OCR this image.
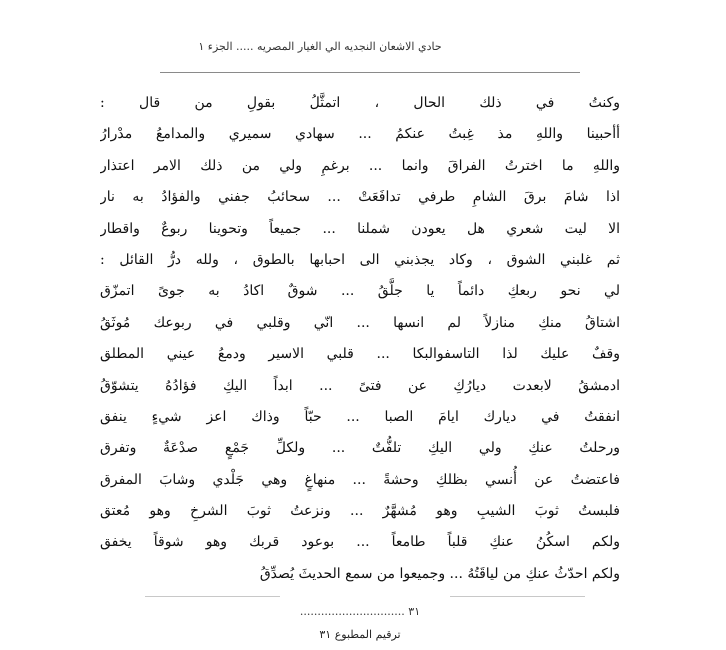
حادي الاشعان النجديه الي الغيار المصريه ..... الجزء ١
وكنتُ في ذلك الحال ، اتمثَّلُ بقولِ من قال :
أأحبينا واللهِ مذ غِبتُ عنكمُ ... سهادي سميري والمدامعُ مدْرارُ
واللهِ ما اخترتُ الفراقَ وانما ... برغمِ ولي من ذلك الامر اعتذار
اذا شامَ برقَ الشامِ طرفي تدافَعَتْ ... سحائبُ جفني والفؤادُ به نار
الا ليت شعري هل يعودن شملنا ... جميعاً وتحوينا ربوعٌ واقطار
ثم غلبني الشوق ، وكاد يجذبني الى احبابها بالطوق ، ولله درُّ القائل :
لي نحو ربعكِ دائماً يا جلَّقُ ... شوقٌ اكادُ به جوىً اتمزّق
اشتاقُ منكِ منازلاً لم انسها ... انّي وقلبي في ربوعك مُوثَقُ
وقفٌ عليك لذا التاسفوالبكا ... قلبي الاسير ودمعُ عيني المطلق
ادمشقُ لابعدت ديارُكِ عن فتىً ... ابداً اليكِ فؤادُهُ يتشوّقُ
انفقتُ في ديارك ايامَ الصبا ... حبّاً وذاك اعز شيءٍ ينفق
ورحلتُ عنكِ ولي اليكِ تلفُّتٌ ... ولكلِّ جَمْعٍ صدْعَةٌ وتفرق
فاعتضتُ عن أُنسي بظلكِ وحشةً ... منهاغٍ وهي جَلْدي وشابَ المفرق
فلبستُ ثوبَ الشيبِ وهو مُشهَّرٌ ... ونزعتُ ثوبَ الشرخِ وهو مُعتق
ولكم اسكُنُ عنكِ قلباً طامعاً ... بوعود قربك وهو شوقاً يخفق
ولكم احدّثُ عنكِ من لياقَتُهُ ... وجميعوا من سمع الحديثَ يُصدِّقُ
٣١ ..............................
ترقيم المطبوع ٣١
